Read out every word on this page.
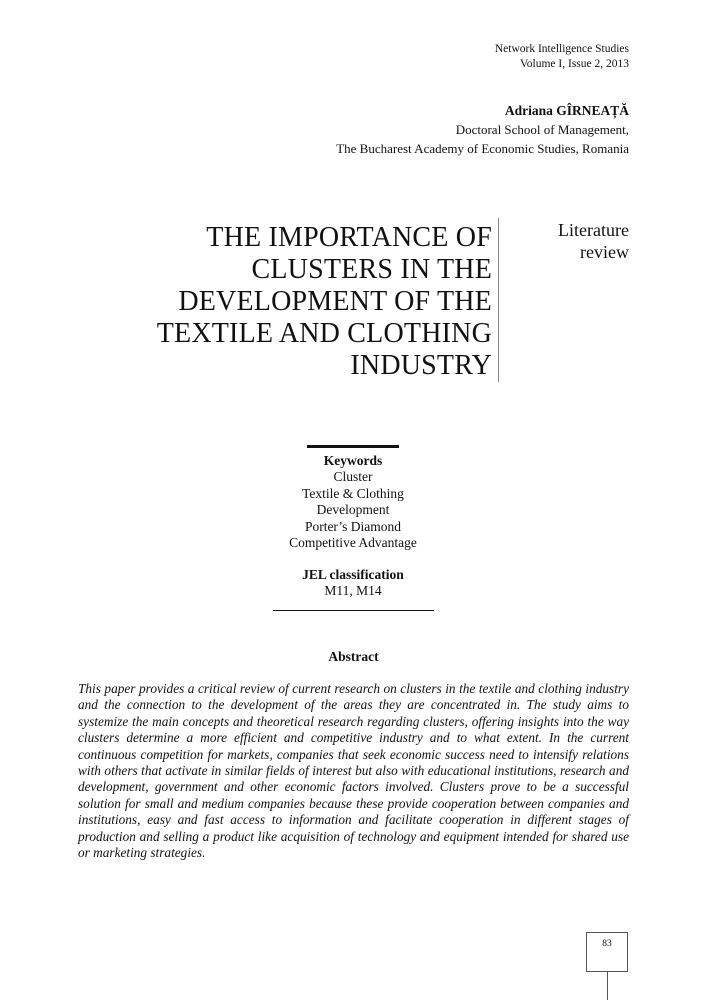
Network Intelligence Studies
Volume I, Issue 2, 2013
Adriana GÎRNEAȚĂ
Doctoral School of Management,
The Bucharest Academy of Economic Studies, Romania
THE IMPORTANCE OF
CLUSTERS IN THE
DEVELOPMENT OF THE
TEXTILE AND CLOTHING
INDUSTRY
Literature
review
Keywords
Cluster
Textile & Clothing
Development
Porter’s Diamond
Competitive Advantage
JEL classification
M11, M14
Abstract

This paper provides a critical review of current research on clusters in the textile and clothing industry and the connection to the development of the areas they are concentrated in. The study aims to systemize the main concepts and theoretical research regarding clusters, offering insights into the way clusters determine a more efficient and competitive industry and to what extent. In the current continuous competition for markets, companies that seek economic success need to intensify relations with others that activate in similar fields of interest but also with educational institutions, research and development, government and other economic factors involved. Clusters prove to be a successful solution for small and medium companies because these provide cooperation between companies and institutions, easy and fast access to information and facilitate cooperation in different stages of production and selling a product like acquisition of technology and equipment intended for shared use or marketing strategies.

83
